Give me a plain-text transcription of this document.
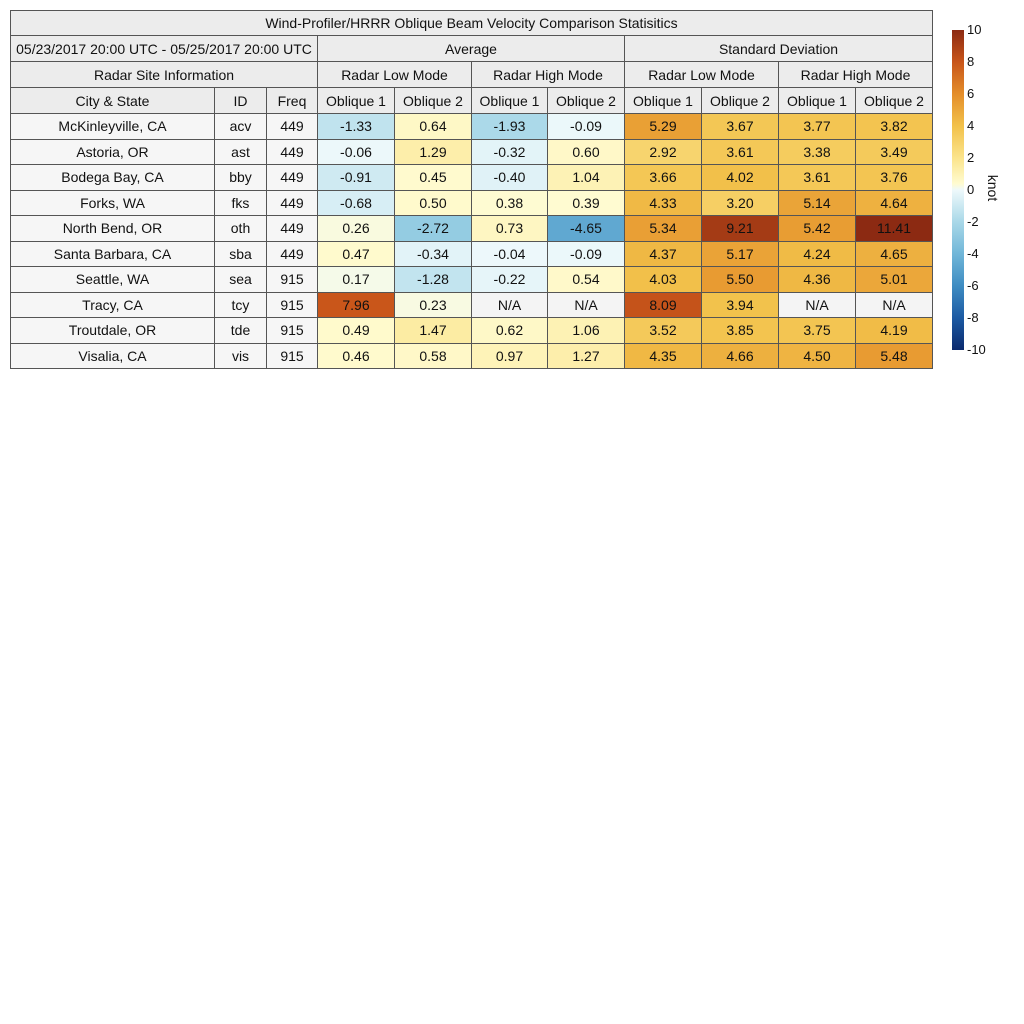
Wind-Profiler/HRRR Oblique Beam Velocity Comparison Statisitics										
05/23/2017 20:00 UTC - 05/25/2017 20:00 UTC			Average				Standard Deviation			
Radar Site Information			Radar Low Mode		Radar High Mode		Radar Low Mode		Radar High Mode	
City & State	ID	Freq	Oblique 1	Oblique 2	Oblique 1	Oblique 2	Oblique 1	Oblique 2	Oblique 1	Oblique 2
McKinleyville, CA	acv	449	-1.33	0.64	-1.93	-0.09	5.29	3.67	3.77	3.82
Astoria, OR	ast	449	-0.06	1.29	-0.32	0.60	2.92	3.61	3.38	3.49
Bodega Bay, CA	bby	449	-0.91	0.45	-0.40	1.04	3.66	4.02	3.61	3.76
Forks, WA	fks	449	-0.68	0.50	0.38	0.39	4.33	3.20	5.14	4.64
North Bend, OR	oth	449	0.26	-2.72	0.73	-4.65	5.34	9.21	5.42	11.41
Santa Barbara, CA	sba	449	0.47	-0.34	-0.04	-0.09	4.37	5.17	4.24	4.65
Seattle, WA	sea	915	0.17	-1.28	-0.22	0.54	4.03	5.50	4.36	5.01
Tracy, CA	tcy	915	7.96	0.23	N/A	N/A	8.09	3.94	N/A	N/A
Troutdale, OR	tde	915	0.49	1.47	0.62	1.06	3.52	3.85	3.75	4.19
Visalia, CA	vis	915	0.46	0.58	0.97	1.27	4.35	4.66	4.50	5.48
10
8
6
4
2
0
-2
-4
-6
-8
-10
knot
